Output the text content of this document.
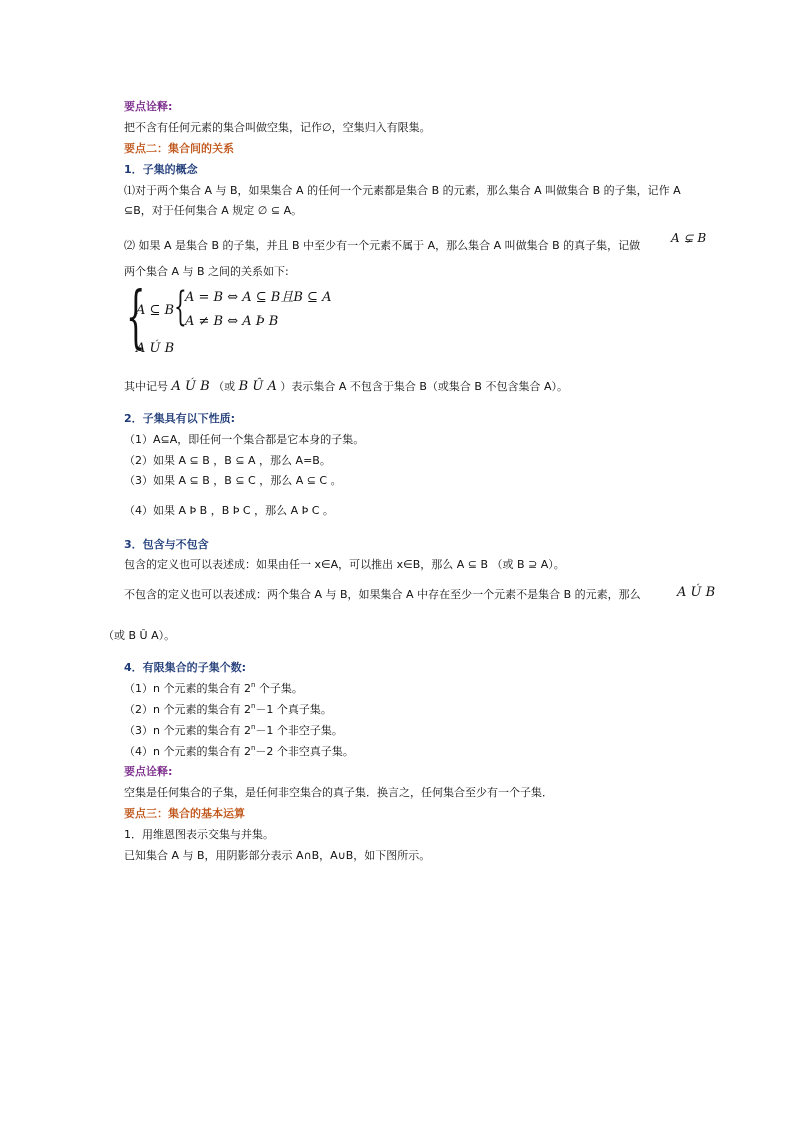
要点诠释:
把不含有任何元素的集合叫做空集，记作∅，空集归入有限集。
要点二：集合间的关系
1．子集的概念
⑴对于两个集合 A 与 B，如果集合 A 的任何一个元素都是集合 B 的元素，那么集合 A 叫做集合 B 的子集，记作 A
⊆B，对于任何集合 A 规定 ∅ ⊆ A。
⑵ 如果 A 是集合 B 的子集，并且 B 中至少有一个元素不属于 A，那么集合 A 叫做集合 B 的真子集，记做
A ⊊ B
两个集合 A 与 B 之间的关系如下:
{
A ⊆ B {
A = B ⇔ A ⊆ B且B ⊆ A
A ≠ B ⇔ A Þ B
A Ú B
其中记号 A Ú B （或 B Û A ）表示集合 A 不包含于集合 B（或集合 B 不包含集合 A）。
2．子集具有以下性质:
（1）A⊆A，即任何一个集合都是它本身的子集。
（2）如果 A ⊆ B ，B ⊆ A ，那么 A=B。
（3）如果 A ⊆ B ，B ⊆ C ，那么 A ⊆ C 。
（4）如果 A Þ B ，B Þ C ，那么 A Þ C 。
3．包含与不包含
包含的定义也可以表述成：如果由任一 x∈A，可以推出 x∈B，那么 A ⊆ B （或 B ⊇ A）。
不包含的定义也可以表述成：两个集合 A 与 B，如果集合 A 中存在至少一个元素不是集合 B 的元素，那么	A Ú B
（或 B Û A）。
4．有限集合的子集个数:
（1）n 个元素的集合有 2$^n$ 个子集。
（2）n 个元素的集合有 $2^n-1$ 个真子集。
（3）n 个元素的集合有 $2^n-1$ 个非空子集。
（4）n 个元素的集合有 $2^n-2$ 个非空真子集。
要点诠释:
空集是任何集合的子集，是任何非空集合的真子集．换言之，任何集合至少有一个子集．
要点三：集合的基本运算
1．用维恩图表示交集与并集。
已知集合 A 与 B，用阴影部分表示 A∩B，A∪B，如下图所示。
